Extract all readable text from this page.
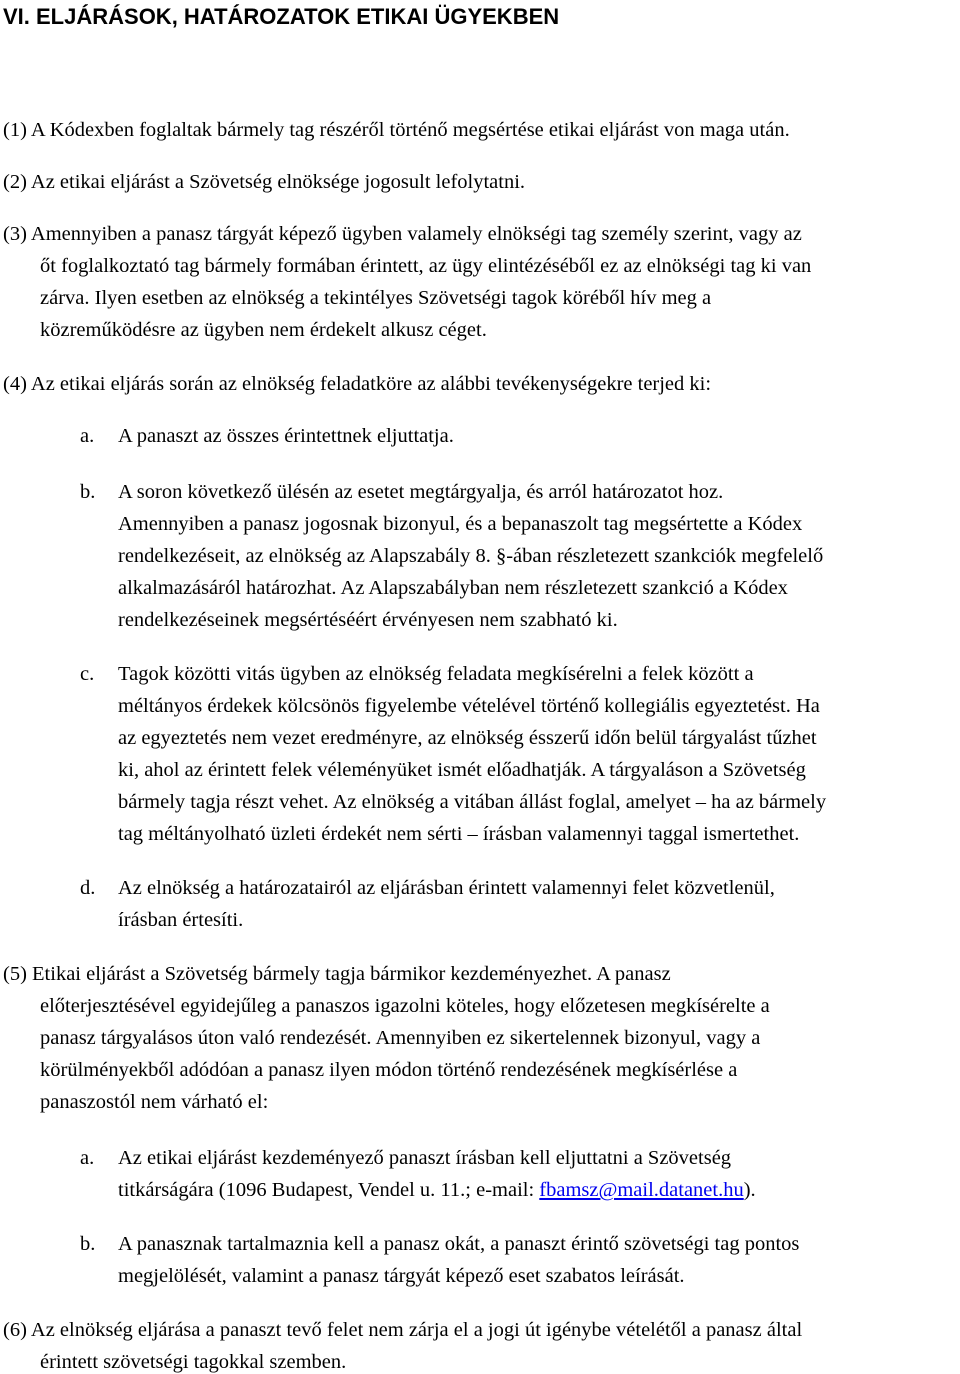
VI. ELJÁRÁSOK, HATÁROZATOK ETIKAI ÜGYEKBEN
(1) A Kódexben foglaltak bármely tag részéről történő megsértése etikai eljárást von maga után.
(2) Az etikai eljárást a Szövetség elnöksége jogosult lefolytatni.
(3) Amennyiben a panasz tárgyát képező ügyben valamely elnökségi tag személy szerint, vagy az
őt foglalkoztató tag bármely formában érintett, az ügy elintézéséből ez az elnökségi tag ki van
zárva. Ilyen esetben az elnökség a tekintélyes Szövetségi tagok köréből hív meg a
közreműködésre az ügyben nem érdekelt alkusz céget.
(4) Az etikai eljárás során az elnökség feladatköre az alábbi tevékenységekre terjed ki:
a. A panaszt az összes érintettnek eljuttatja.
b. A soron következő ülésén az esetet megtárgyalja, és arról határozatot hoz.
Amennyiben a panasz jogosnak bizonyul, és a bepanaszolt tag megsértette a Kódex
rendelkezéseit, az elnökség az Alapszabály 8. §-ában részletezett szankciók megfelelő
alkalmazásáról határozhat. Az Alapszabályban nem részletezett szankció a Kódex
rendelkezéseinek megsértéséért érvényesen nem szabható ki.
c. Tagok közötti vitás ügyben az elnökség feladata megkísérelni a felek között a
méltányos érdekek kölcsönös figyelembe vételével történő kollegiális egyeztetést. Ha
az egyeztetés nem vezet eredményre, az elnökség ésszerű időn belül tárgyalást tűzhet
ki, ahol az érintett felek véleményüket ismét előadhatják. A tárgyaláson a Szövetség
bármely tagja részt vehet. Az elnökség a vitában állást foglal, amelyet – ha az bármely
tag méltányolható üzleti érdekét nem sérti – írásban valamennyi taggal ismertethet.
d. Az elnökség a határozatairól az eljárásban érintett valamennyi felet közvetlenül,
írásban értesíti.
(5) Etikai eljárást a Szövetség bármely tagja bármikor kezdeményezhet. A panasz
előterjesztésével egyidejűleg a panaszos igazolni köteles, hogy előzetesen megkísérelte a
panasz tárgyalásos úton való rendezését. Amennyiben ez sikertelennek bizonyul, vagy a
körülményekből adódóan a panasz ilyen módon történő rendezésének megkísérlése a
panaszostól nem várható el:
a. Az etikai eljárást kezdeményező panaszt írásban kell eljuttatni a Szövetség
titkárságára (1096 Budapest, Vendel u. 11.; e-mail: fbamsz@mail.datanet.hu).
b. A panasznak tartalmaznia kell a panasz okát, a panaszt érintő szövetségi tag pontos
megjelölését, valamint a panasz tárgyát képező eset szabatos leírását.
(6) Az elnökség eljárása a panaszt tevő felet nem zárja el a jogi út igénybe vételétől a panasz által
érintett szövetségi tagokkal szemben.
